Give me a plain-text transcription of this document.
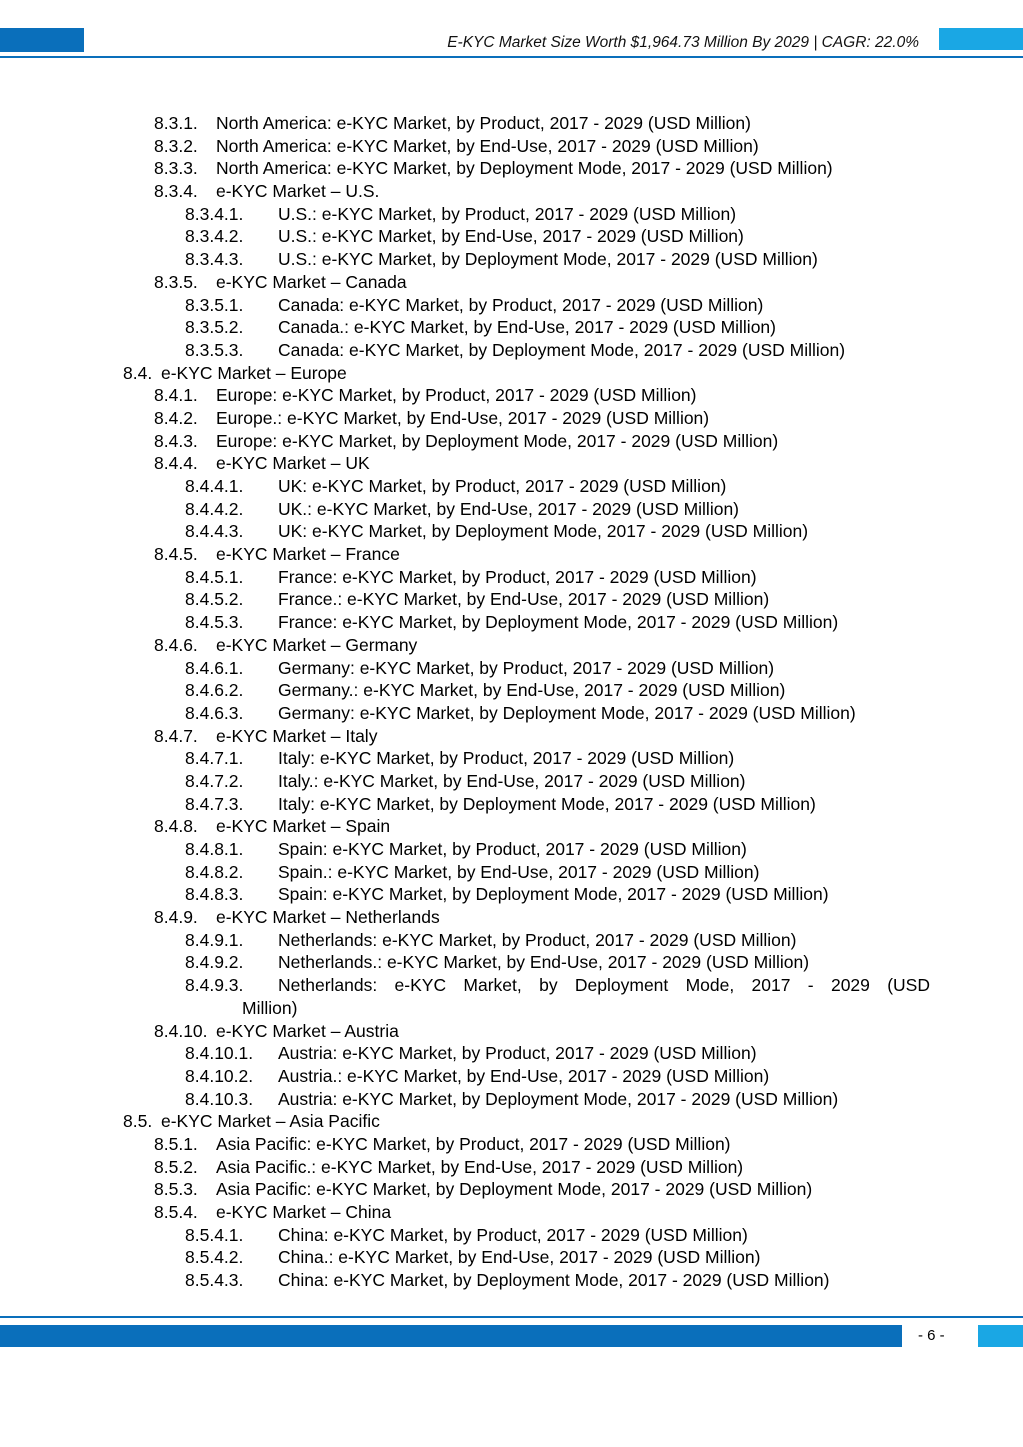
E-KYC Market Size Worth $1,964.73 Million By 2029 | CAGR: 22.0%
8.3.1. North America: e-KYC Market, by Product, 2017 - 2029 (USD Million)
8.3.2. North America: e-KYC Market, by End-Use, 2017 - 2029 (USD Million)
8.3.3. North America: e-KYC Market, by Deployment Mode, 2017 - 2029 (USD Million)
8.3.4. e-KYC Market – U.S.
8.3.4.1. U.S.: e-KYC Market, by Product, 2017 - 2029 (USD Million)
8.3.4.2. U.S.: e-KYC Market, by End-Use, 2017 - 2029 (USD Million)
8.3.4.3. U.S.: e-KYC Market, by Deployment Mode, 2017 - 2029 (USD Million)
8.3.5. e-KYC Market – Canada
8.3.5.1. Canada: e-KYC Market, by Product, 2017 - 2029 (USD Million)
8.3.5.2. Canada.: e-KYC Market, by End-Use, 2017 - 2029 (USD Million)
8.3.5.3. Canada: e-KYC Market, by Deployment Mode, 2017 - 2029 (USD Million)
8.4. e-KYC Market – Europe
8.4.1. Europe: e-KYC Market, by Product, 2017 - 2029 (USD Million)
8.4.2. Europe.: e-KYC Market, by End-Use, 2017 - 2029 (USD Million)
8.4.3. Europe: e-KYC Market, by Deployment Mode, 2017 - 2029 (USD Million)
8.4.4. e-KYC Market – UK
8.4.4.1. UK: e-KYC Market, by Product, 2017 - 2029 (USD Million)
8.4.4.2. UK.: e-KYC Market, by End-Use, 2017 - 2029 (USD Million)
8.4.4.3. UK: e-KYC Market, by Deployment Mode, 2017 - 2029 (USD Million)
8.4.5. e-KYC Market – France
8.4.5.1. France: e-KYC Market, by Product, 2017 - 2029 (USD Million)
8.4.5.2. France.: e-KYC Market, by End-Use, 2017 - 2029 (USD Million)
8.4.5.3. France: e-KYC Market, by Deployment Mode, 2017 - 2029 (USD Million)
8.4.6. e-KYC Market – Germany
8.4.6.1. Germany: e-KYC Market, by Product, 2017 - 2029 (USD Million)
8.4.6.2. Germany.: e-KYC Market, by End-Use, 2017 - 2029 (USD Million)
8.4.6.3. Germany: e-KYC Market, by Deployment Mode, 2017 - 2029 (USD Million)
8.4.7. e-KYC Market – Italy
8.4.7.1. Italy: e-KYC Market, by Product, 2017 - 2029 (USD Million)
8.4.7.2. Italy.: e-KYC Market, by End-Use, 2017 - 2029 (USD Million)
8.4.7.3. Italy: e-KYC Market, by Deployment Mode, 2017 - 2029 (USD Million)
8.4.8. e-KYC Market – Spain
8.4.8.1. Spain: e-KYC Market, by Product, 2017 - 2029 (USD Million)
8.4.8.2. Spain.: e-KYC Market, by End-Use, 2017 - 2029 (USD Million)
8.4.8.3. Spain: e-KYC Market, by Deployment Mode, 2017 - 2029 (USD Million)
8.4.9. e-KYC Market – Netherlands
8.4.9.1. Netherlands: e-KYC Market, by Product, 2017 - 2029 (USD Million)
8.4.9.2. Netherlands.: e-KYC Market, by End-Use, 2017 - 2029 (USD Million)
8.4.9.3. Netherlands: e-KYC Market, by Deployment Mode, 2017 - 2029 (USD
Million)
8.4.10. e-KYC Market – Austria
8.4.10.1. Austria: e-KYC Market, by Product, 2017 - 2029 (USD Million)
8.4.10.2. Austria.: e-KYC Market, by End-Use, 2017 - 2029 (USD Million)
8.4.10.3. Austria: e-KYC Market, by Deployment Mode, 2017 - 2029 (USD Million)
8.5. e-KYC Market – Asia Pacific
8.5.1. Asia Pacific: e-KYC Market, by Product, 2017 - 2029 (USD Million)
8.5.2. Asia Pacific.: e-KYC Market, by End-Use, 2017 - 2029 (USD Million)
8.5.3. Asia Pacific: e-KYC Market, by Deployment Mode, 2017 - 2029 (USD Million)
8.5.4. e-KYC Market – China
8.5.4.1. China: e-KYC Market, by Product, 2017 - 2029 (USD Million)
8.5.4.2. China.: e-KYC Market, by End-Use, 2017 - 2029 (USD Million)
8.5.4.3. China: e-KYC Market, by Deployment Mode, 2017 - 2029 (USD Million)
- 6 -
